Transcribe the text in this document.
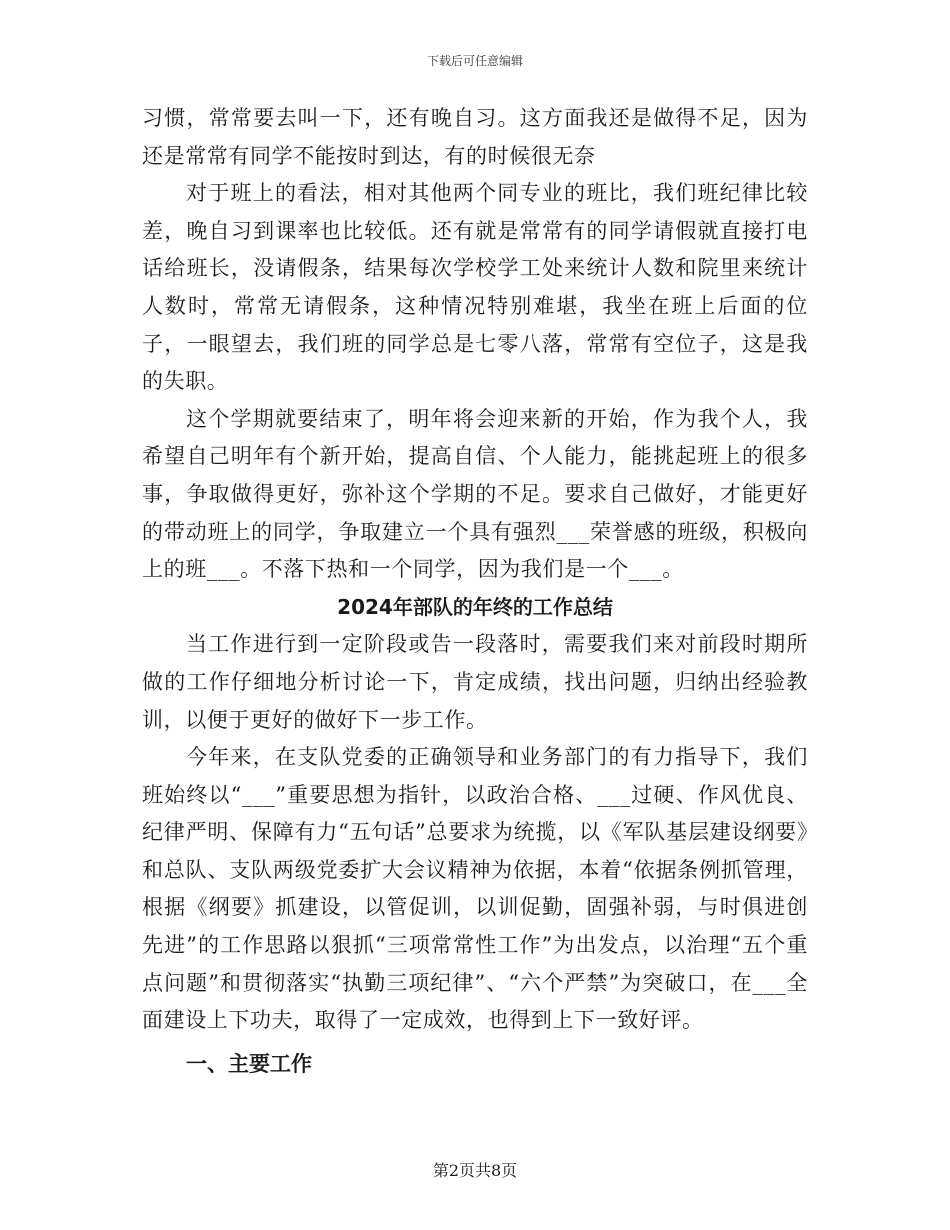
下载后可任意编辑

习惯，常常要去叫一下，还有晚自习。这方面我还是做得不足，因为还是常常有同学不能按时到达，有的时候很无奈

对于班上的看法，相对其他两个同专业的班比，我们班纪律比较差，晚自习到课率也比较低。还有就是常常有的同学请假就直接打电话给班长，没请假条，结果每次学校学工处来统计人数和院里来统计人数时，常常无请假条，这种情况特别难堪，我坐在班上后面的位子，一眼望去，我们班的同学总是七零八落，常常有空位子，这是我的失职。

这个学期就要结束了，明年将会迎来新的开始，作为我个人，我希望自己明年有个新开始，提高自信、个人能力，能挑起班上的很多事，争取做得更好，弥补这个学期的不足。要求自己做好，才能更好的带动班上的同学，争取建立一个具有强烈___荣誉感的班级，积极向上的班___。不落下热和一个同学，因为我们是一个___。

2024年部队的年终的工作总结

当工作进行到一定阶段或告一段落时，需要我们来对前段时期所做的工作仔细地分析讨论一下，肯定成绩，找出问题，归纳出经验教训，以便于更好的做好下一步工作。

今年来，在支队党委的正确领导和业务部门的有力指导下，我们班始终以“___”重要思想为指针，以政治合格、___过硬、作风优良、纪律严明、保障有力“五句话”总要求为统揽，以《军队基层建设纲要》和总队、支队两级党委扩大会议精神为依据，本着“依据条例抓管理，根据《纲要》抓建设，以管促训，以训促勤，固强补弱，与时俱进创先进”的工作思路以狠抓“三项常常性工作”为出发点，以治理“五个重点问题”和贯彻落实“执勤三项纪律”、“六个严禁”为突破口，在___全面建设上下功夫，取得了一定成效，也得到上下一致好评。

一、主要工作
第2页共8页
